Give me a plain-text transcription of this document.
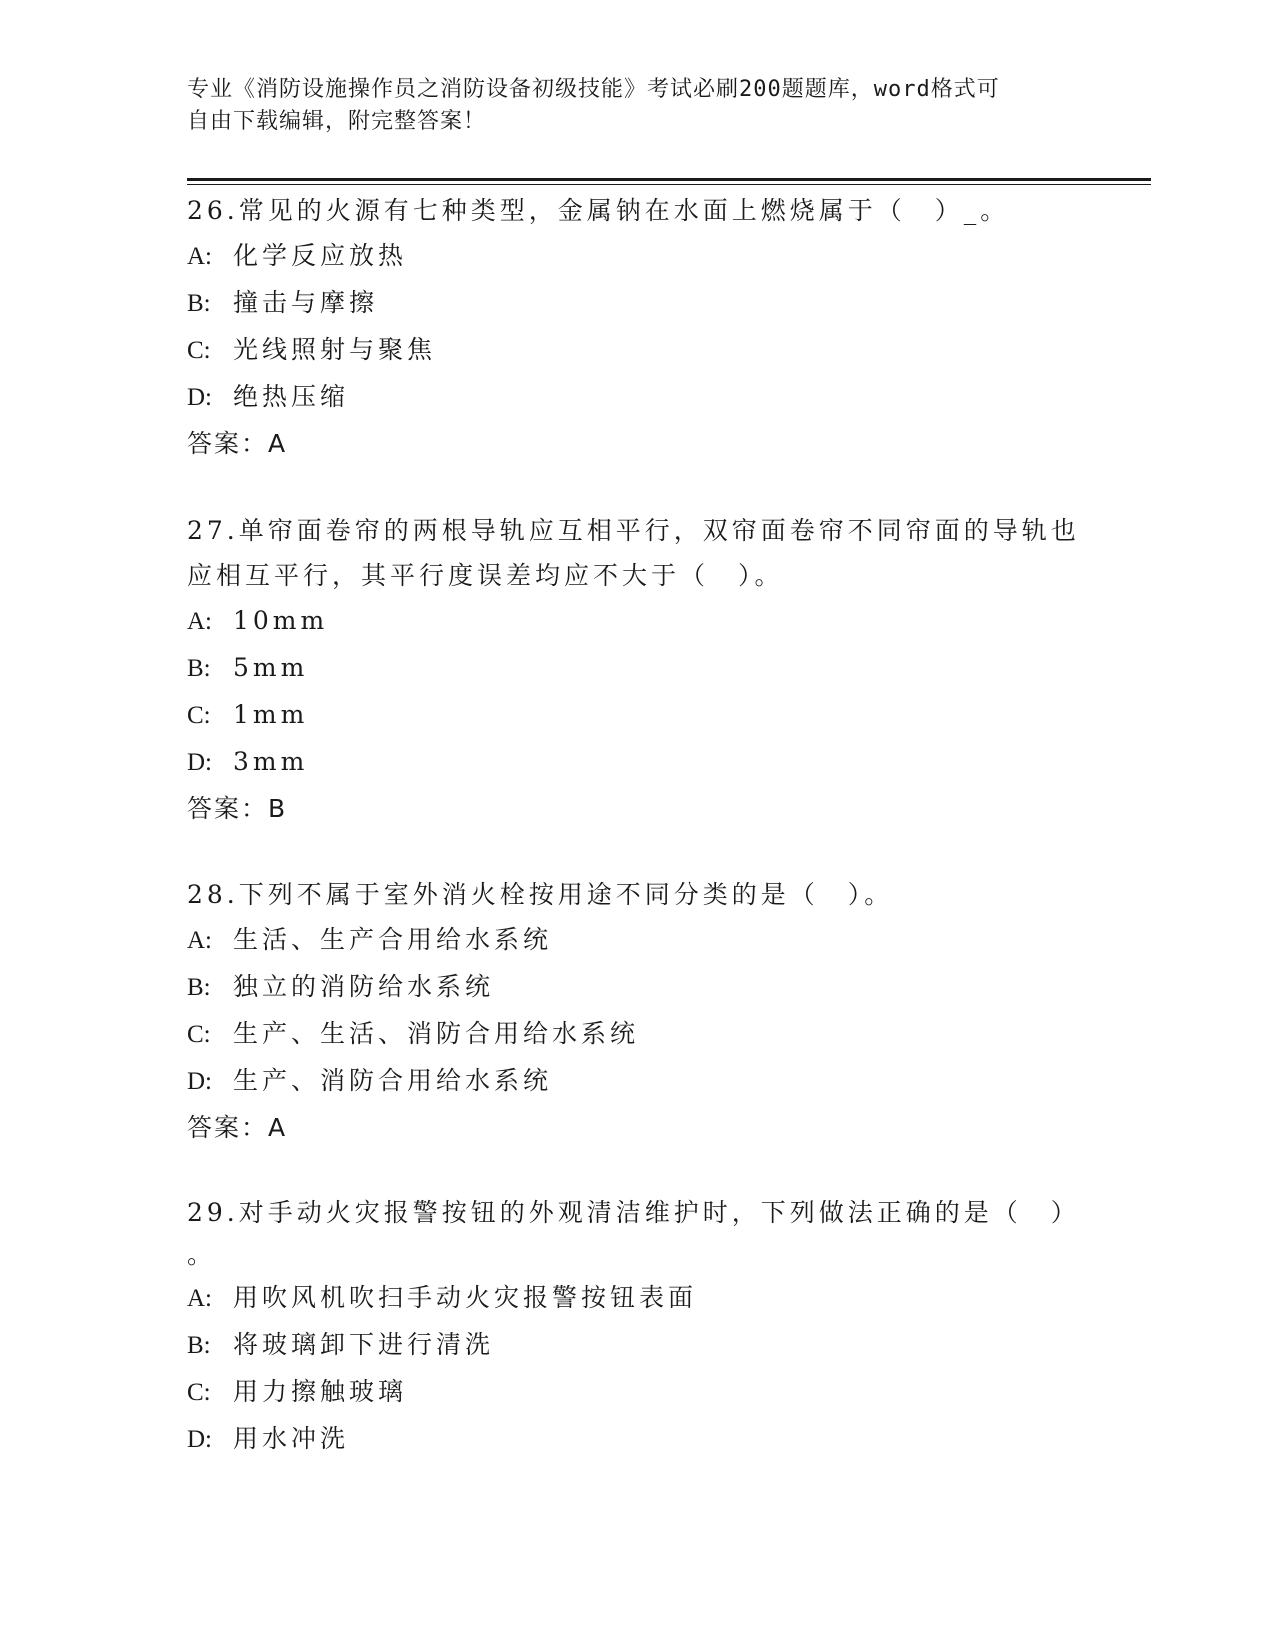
专业《消防设施操作员之消防设备初级技能》考试必刷200题题库，word格式可
自由下载编辑，附完整答案！

26.常见的火源有七种类型，金属钠在水面上燃烧属于（　）_。

A: 化学反应放热

B: 撞击与摩擦

C: 光线照射与聚焦

D: 绝热压缩

答案：A

27.单帘面卷帘的两根导轨应互相平行，双帘面卷帘不同帘面的导轨也

应相互平行，其平行度误差均应不大于（　）。

A: 10mm

B: 5mm

C: 1mm

D: 3mm

答案：B

28.下列不属于室外消火栓按用途不同分类的是（　）。

A: 生活、生产合用给水系统

B: 独立的消防给水系统

C: 生产、生活、消防合用给水系统

D: 生产、消防合用给水系统

答案：A

29.对手动火灾报警按钮的外观清洁维护时，下列做法正确的是（　）

。

A: 用吹风机吹扫手动火灾报警按钮表面

B: 将玻璃卸下进行清洗

C: 用力擦触玻璃

D: 用水冲洗
